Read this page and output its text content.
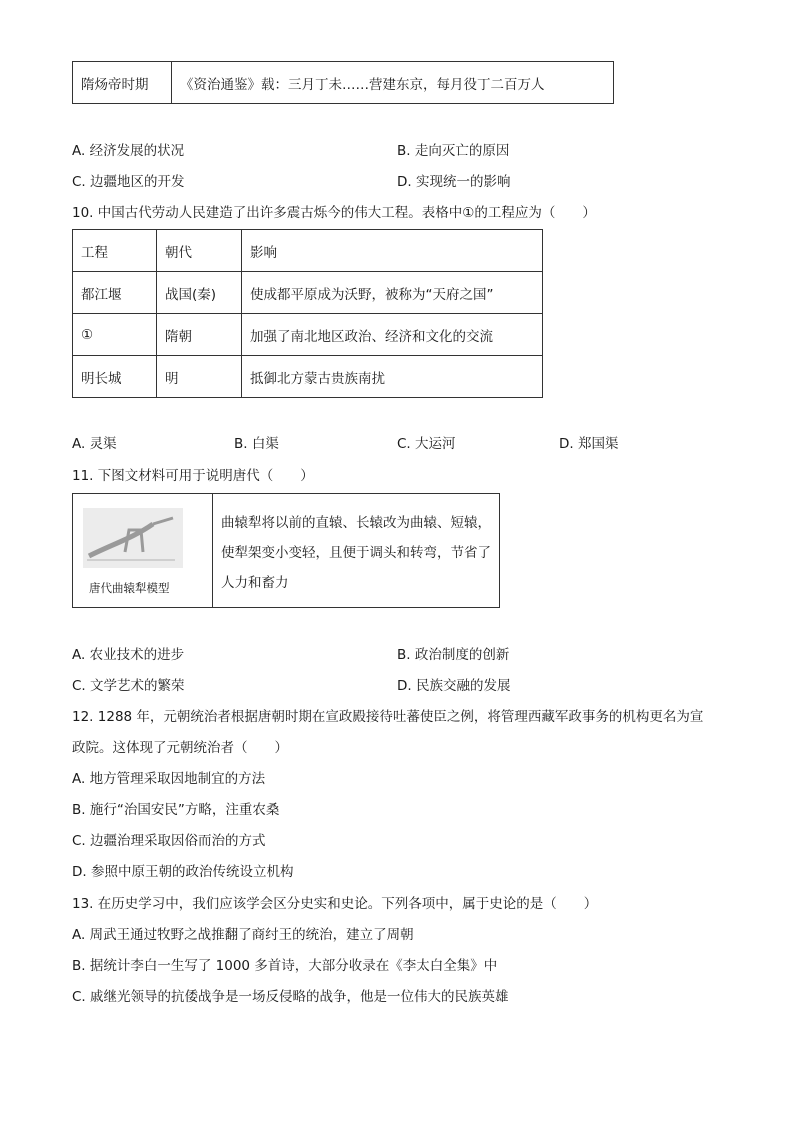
隋炀帝时期	《资治通鉴》载：三月丁未……营建东京，每月役丁二百万人
A. 经济发展的状况	B. 走向灭亡的原因
C. 边疆地区的开发	D. 实现统一的影响
10. 中国古代劳动人民建造了出许多震古烁今的伟大工程。表格中①的工程应为（　　）
工程	朝代	影响
都江堰	战国(秦)	使成都平原成为沃野，被称为“天府之国”
①	隋朝	加强了南北地区政治、经济和文化的交流
明长城	明	抵御北方蒙古贵族南扰
A. 灵渠	B. 白渠	C. 大运河	D. 郑国渠
11. 下图文材料可用于说明唐代（　　）
唐代曲辕犁模型
曲辕犁将以前的直辕、长辕改为曲辕、短辕，使犁架变小变轻，且便于调头和转弯，节省了人力和畜力
A. 农业技术的进步	B. 政治制度的创新
C. 文学艺术的繁荣	D. 民族交融的发展
12. 1288 年，元朝统治者根据唐朝时期在宣政殿接待吐蕃使臣之例，将管理西藏军政事务的机构更名为宣
政院。这体现了元朝统治者（　　）
A. 地方管理采取因地制宜的方法
B. 施行“治国安民”方略，注重农桑
C. 边疆治理采取因俗而治的方式
D. 参照中原王朝的政治传统设立机构
13. 在历史学习中，我们应该学会区分史实和史论。下列各项中，属于史论的是（　　）
A. 周武王通过牧野之战推翻了商纣王的统治，建立了周朝
B. 据统计李白一生写了 1000 多首诗，大部分收录在《李太白全集》中
C. 戚继光领导的抗倭战争是一场反侵略的战争，他是一位伟大的民族英雄
